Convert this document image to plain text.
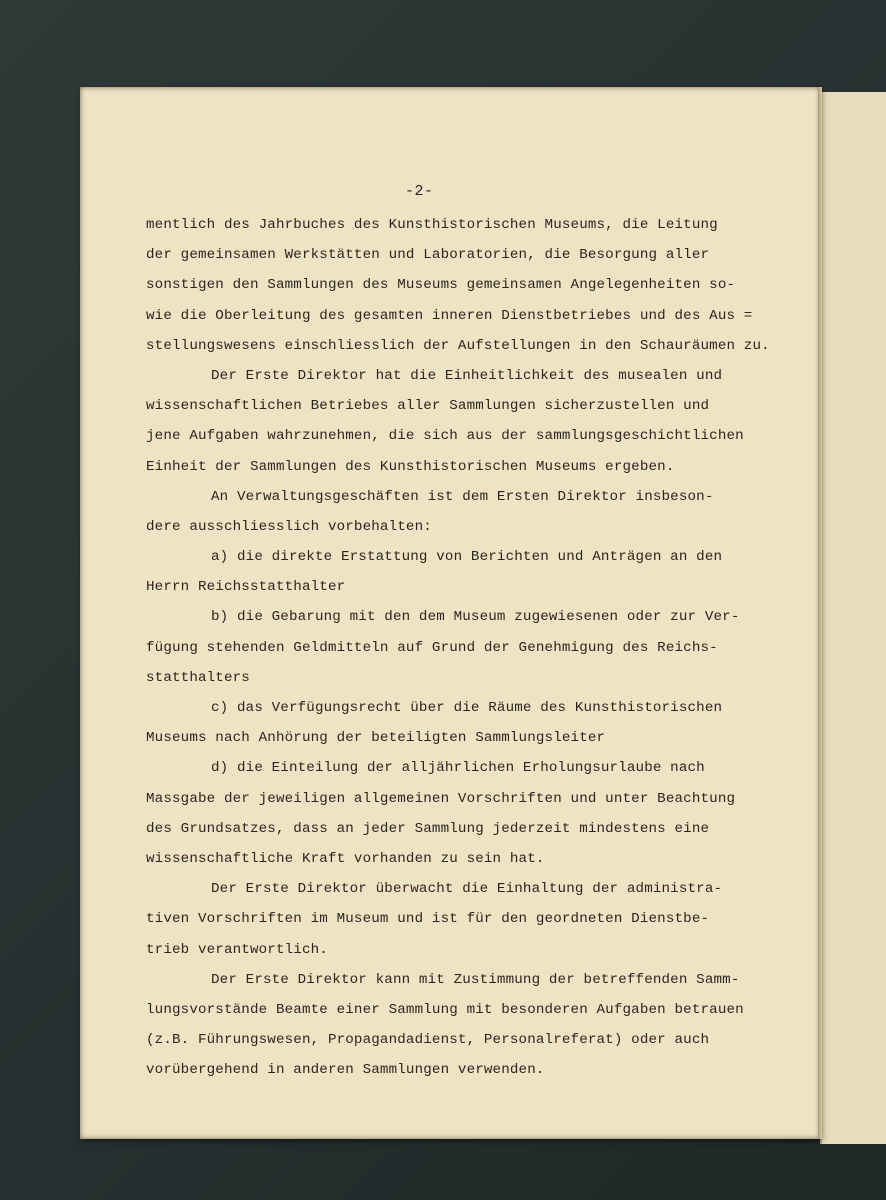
-2-
mentlich des Jahrbuches des Kunsthistorischen Museums, die Leitung
der gemeinsamen Werkstätten und Laboratorien, die Besorgung aller
sonstigen den Sammlungen des Museums gemeinsamen Angelegenheiten so-
wie die Oberleitung des gesamten inneren Dienstbetriebes und des Aus =
stellungswesens einschliesslich der Aufstellungen in den Schauräumen zu.
Der Erste Direktor hat die Einheitlichkeit des musealen und
wissenschaftlichen Betriebes aller Sammlungen sicherzustellen und
jene Aufgaben wahrzunehmen, die sich aus der sammlungsgeschichtlichen
Einheit der Sammlungen des Kunsthistorischen Museums ergeben.
An Verwaltungsgeschäften ist dem Ersten Direktor insbeson-
dere ausschliesslich vorbehalten:
a) die direkte Erstattung von Berichten und Anträgen an den
Herrn Reichsstatthalter
b) die Gebarung mit den dem Museum zugewiesenen oder zur Ver-
fügung stehenden Geldmitteln auf Grund der Genehmigung des Reichs-
statthalters
c) das Verfügungsrecht über die Räume des Kunsthistorischen
Museums nach Anhörung der beteiligten Sammlungsleiter
d) die Einteilung der alljährlichen Erholungsurlaube nach
Massgabe der jeweiligen allgemeinen Vorschriften und unter Beachtung
des Grundsatzes, dass an jeder Sammlung jederzeit mindestens eine
wissenschaftliche Kraft vorhanden zu sein hat.
Der Erste Direktor überwacht die Einhaltung der administra-
tiven Vorschriften im Museum und ist für den geordneten Dienstbe-
trieb verantwortlich.
Der Erste Direktor kann mit Zustimmung der betreffenden Samm-
lungsvorstände Beamte einer Sammlung mit besonderen Aufgaben betrauen
(z.B. Führungswesen, Propagandadienst, Personalreferat) oder auch
vorübergehend in anderen Sammlungen verwenden.
